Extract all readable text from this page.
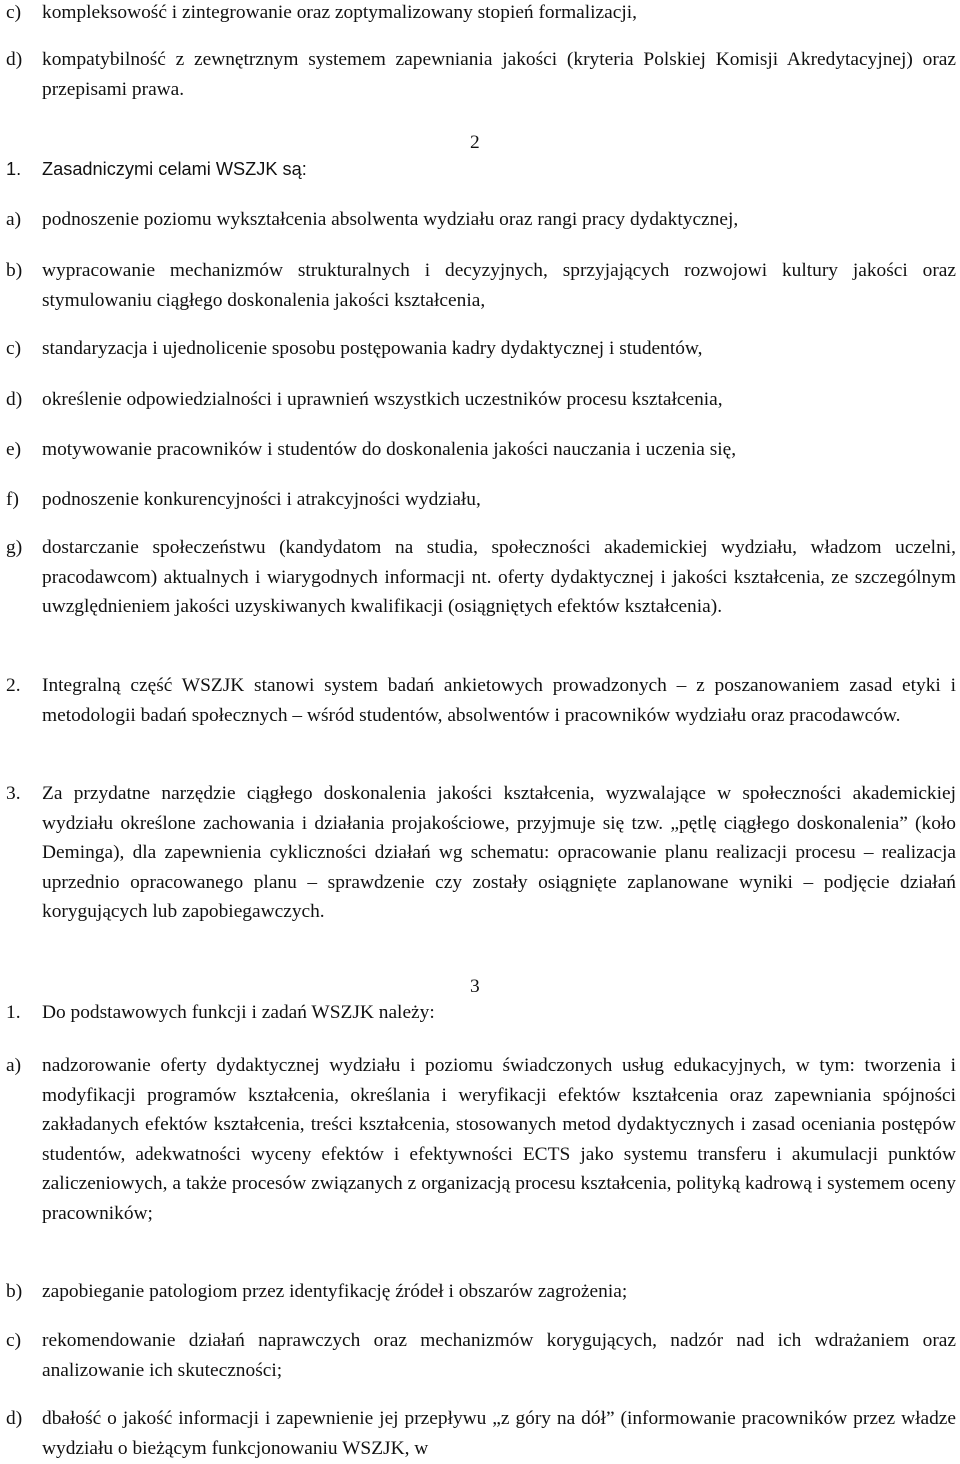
c)	kompleksowość i zintegrowanie oraz zoptymalizowany stopień formalizacji,
d)	kompatybilność z zewnętrznym systemem zapewniania jakości (kryteria Polskiej Komisji Akredytacyjnej) oraz przepisami prawa.
2
1.	Zasadniczymi celami WSZJK są:
a)	podnoszenie poziomu wykształcenia absolwenta wydziału oraz rangi pracy dydaktycznej,
b)	wypracowanie mechanizmów strukturalnych i decyzyjnych, sprzyjających rozwojowi kultury jakości oraz stymulowaniu ciągłego doskonalenia jakości kształcenia,
c)	standaryzacja i ujednolicenie sposobu postępowania kadry dydaktycznej i studentów,
d)	określenie odpowiedzialności i uprawnień wszystkich uczestników procesu kształcenia,
e)	motywowanie pracowników i studentów do doskonalenia jakości nauczania i uczenia się,
f)	podnoszenie konkurencyjności i atrakcyjności wydziału,
g)	dostarczanie społeczeństwu (kandydatom na studia, społeczności akademickiej wydziału, władzom uczelni, pracodawcom) aktualnych i wiarygodnych informacji nt. oferty dydaktycznej i jakości kształcenia, ze szczególnym uwzględnieniem jakości uzyskiwanych kwalifikacji (osiągniętych efektów kształcenia).
2.	Integralną część WSZJK stanowi system badań ankietowych prowadzonych – z poszanowaniem zasad etyki i metodologii badań społecznych – wśród studentów, absolwentów i pracowników wydziału oraz pracodawców.
3.	Za przydatne narzędzie ciągłego doskonalenia jakości kształcenia, wyzwalające w społeczności akademickiej wydziału określone zachowania i działania projakościowe, przyjmuje się tzw. „pętlę ciągłego doskonalenia” (koło Deminga), dla zapewnienia cykliczności działań wg schematu: opracowanie planu realizacji procesu – realizacja uprzednio opracowanego planu – sprawdzenie czy zostały osiągnięte zaplanowane wyniki – podjęcie działań korygujących lub zapobiegawczych.
3
1.	Do podstawowych funkcji i zadań WSZJK należy:
a)	nadzorowanie oferty dydaktycznej wydziału i poziomu świadczonych usług edukacyjnych, w tym: tworzenia i modyfikacji programów kształcenia, określania i weryfikacji efektów kształcenia oraz zapewniania spójności zakładanych efektów kształcenia, treści kształcenia, stosowanych metod dydaktycznych i zasad oceniania postępów studentów, adekwatności wyceny efektów i efektywności ECTS jako systemu transferu i akumulacji punktów zaliczeniowych, a także procesów związanych z organizacją procesu kształcenia, polityką kadrową i systemem oceny pracowników;
b)	zapobieganie patologiom przez identyfikację źródeł i obszarów zagrożenia;
c)	rekomendowanie działań naprawczych oraz mechanizmów korygujących, nadzór nad ich wdrażaniem oraz analizowanie ich skuteczności;
d)	dbałość o jakość informacji i zapewnienie jej przepływu „z góry na dół” (informowanie pracowników przez władze wydziału o bieżącym funkcjonowaniu WSZJK, w
